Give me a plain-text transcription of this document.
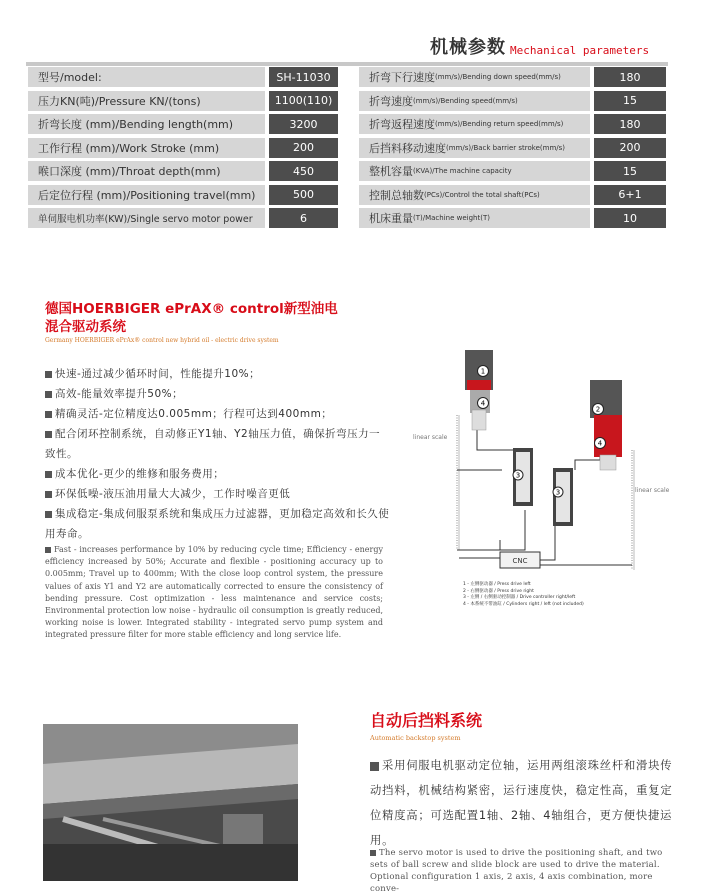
机械参数 Mechanical parameters
型号/model:	SH-11030
压力KN(吨)/Pressure KN/(tons)	1100(110)
折弯长度 (mm)/Bending length(mm)	3200
工作行程 (mm)/Work Stroke (mm)	200
喉口深度 (mm)/Throat depth(mm)	450
后定位行程 (mm)/Positioning travel(mm)	500
单伺服电机功率(KW)/Single servo motor power	6
折弯下行速度 (mm/s)/Bending down speed(mm/s)	180
折弯速度 (mm/s)/Bending speed(mm/s)	15
折弯返程速度 (mm/s)/Bending return speed(mm/s)	180
后挡料移动速度 (mm/s)/Back barrier stroke(mm/s)	200
整机容量 (KVA)/The machine capacity	15
控制总轴数 (PCs)/Control the total shaft(PCs)	6+1
机床重量 (T)/Machine weight(T)	10
德国HOERBIGER ePrAX® control新型油电混合驱动系统
Germany HOERBIGER ePrAx® control new hybrid oil - electric drive system
快速-通过减少循环时间，性能提升10%；
高效-能量效率提升50%；
精确灵活-定位精度达0.005mm；行程可达到400mm；
配合闭环控制系统，自动修正Y1轴、Y2轴压力值，确保折弯压力一致性。
成本优化-更少的维修和服务费用；
环保低噪-液压油用量大大减少，工作时噪音更低
集成稳定-集成伺服泵系统和集成压力过滤器，更加稳定高效和长久使用寿命。
Fast - increases performance by 10% by reducing cycle time; Efficiency - energy efficiency increased by 50%; Accurate and flexible - positioning accuracy up to 0.005mm; Travel up to 400mm; With the close loop control system, the pressure values of axis Y1 and Y2 are automatically corrected to ensure the consistency of bending pressure. Cost optimization - less maintenance and service costs; Environmental protection low noise - hydraulic oil consumption is greatly reduced, working noise is lower. Integrated stability - integrated servo pump system and integrated pressure filter for more stable efficiency and long service life.
linear scale
linear scale
1
4
2
4
3
3
CNC
1 - 左侧驱动器 / Press drive left
2 - 右侧驱动器 / Press drive right
3 - 左侧 / 右侧驱动控制器 / Drive controller right/left
4 - 本系统不带油缸 / Cylinders right / left (not included)
自动后挡料系统
Automatic backstop system
采用伺服电机驱动定位轴，运用两组滚珠丝杆和滑块传动挡料，机械结构紧密，运行速度快，稳定性高，重复定位精度高；可选配置1轴、2轴、4轴组合，更方便快捷运用。
The servo motor is used to drive the positioning shaft, and two sets of ball screw and slide block are used to drive the material. Optional configuration 1 axis, 2 axis, 4 axis combination, more conve-
